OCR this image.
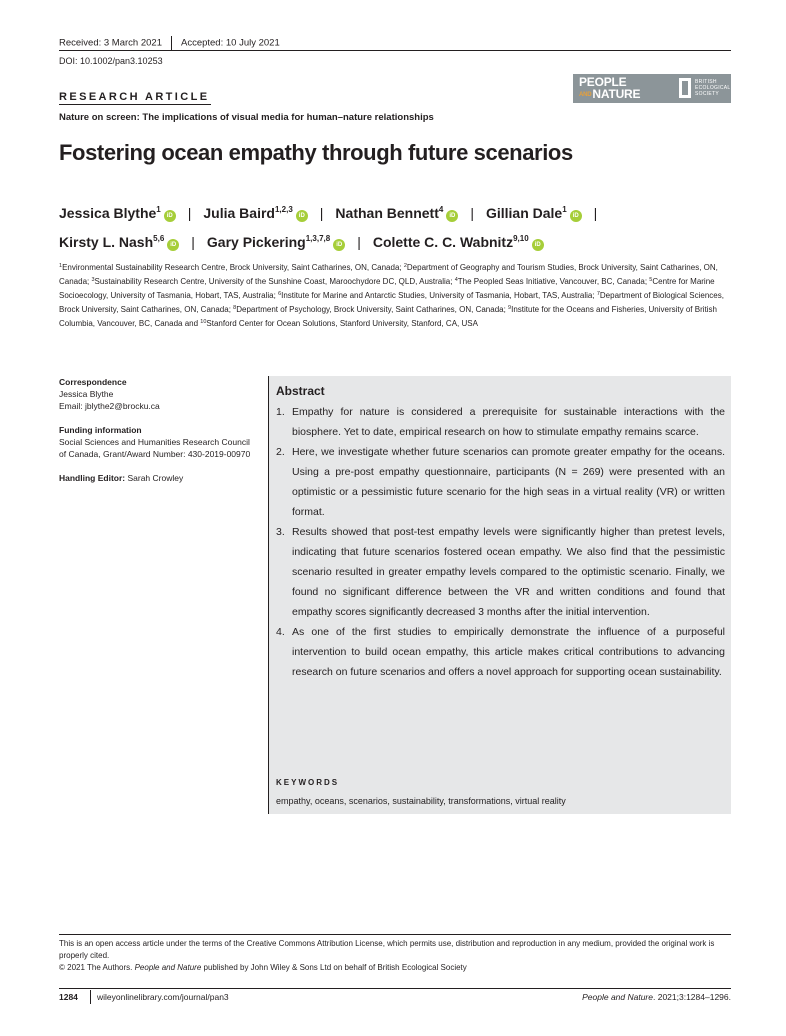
Received: 3 March 2021 Accepted: 10 July 2021
DOI: 10.1002/pan3.10253
RESEARCH ARTICLE
PEOPLE
ANDNATURE
BRITISH
ECOLOGICAL
SOCIETY
Nature on screen: The implications of visual media for human–nature relationships
Fostering ocean empathy through future scenarios
Jessica Blythe$^1$iD | Julia Baird$^{1,2,3}$iD | Nathan Bennett$^4$iD | Gillian Dale$^1$iD |
Kirsty L. Nash$^{5,6}$iD | Gary Pickering$^{1,3,7,8}$iD | Colette C. C. Wabnitz$^{9,10}$iD
$^1$Environmental Sustainability Research Centre, Brock University, Saint Catharines, ON, Canada; $^2$Department of Geography and Tourism Studies, Brock University, Saint Catharines, ON, Canada; $^3$Sustainability Research Centre, University of the Sunshine Coast, Maroochydore DC, QLD, Australia; $^4$The Peopled Seas Initiative, Vancouver, BC, Canada; $^5$Centre for Marine Socioecology, University of Tasmania, Hobart, TAS, Australia; $^6$Institute for Marine and Antarctic Studies, University of Tasmania, Hobart, TAS, Australia; $^7$Department of Biological Sciences, Brock University, Saint Catharines, ON, Canada; $^8$Department of Psychology, Brock University, Saint Catharines, ON, Canada; $^9$Institute for the Oceans and Fisheries, University of British Columbia, Vancouver, BC, Canada and $^{10}$Stanford Center for Ocean Solutions, Stanford University, Stanford, CA, USA
Correspondence
Jessica Blythe
Email: jblythe2@brocku.ca
Funding information
Social Sciences and Humanities Research Council of Canada, Grant/Award Number: 430-2019-00970
Handling Editor: Sarah Crowley
Abstract
1. Empathy for nature is considered a prerequisite for sustainable interactions with the biosphere. Yet to date, empirical research on how to stimulate empathy remains scarce.
2. Here, we investigate whether future scenarios can promote greater empathy for the oceans. Using a pre-post empathy questionnaire, participants (N = 269) were presented with an optimistic or a pessimistic future scenario for the high seas in a virtual reality (VR) or written format.
3. Results showed that post-test empathy levels were significantly higher than pretest levels, indicating that future scenarios fostered ocean empathy. We also find that the pessimistic scenario resulted in greater empathy levels compared to the optimistic scenario. Finally, we found no significant difference between the VR and written conditions and found that empathy scores significantly decreased 3 months after the initial intervention.
4. As one of the first studies to empirically demonstrate the influence of a purposeful intervention to build ocean empathy, this article makes critical contributions to advancing research on future scenarios and offers a novel approach for supporting ocean sustainability.
KEYWORDS
empathy, oceans, scenarios, sustainability, transformations, virtual reality
This is an open access article under the terms of the Creative Commons Attribution License, which permits use, distribution and reproduction in any medium, provided the original work is properly cited.
© 2021 The Authors. People and Nature published by John Wiley & Sons Ltd on behalf of British Ecological Society
1284 wileyonlinelibrary.com/journal/pan3	People and Nature. 2021;3:1284–1296.
